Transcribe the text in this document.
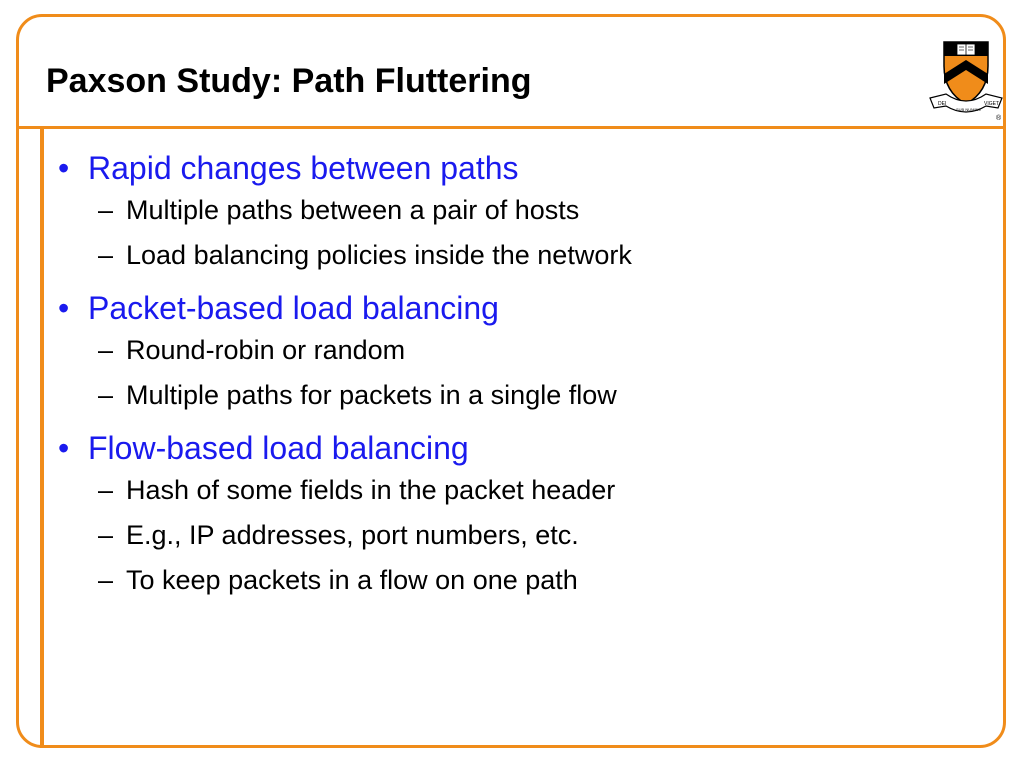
Paxson Study: Path Fluttering
DEI
SUB NUMINE
VIGET
®
• Rapid changes between paths
– Multiple paths between a pair of hosts
– Load balancing policies inside the network
• Packet-based load balancing
– Round-robin or random
– Multiple paths for packets in a single flow
• Flow-based load balancing
– Hash of some fields in the packet header
– E.g., IP addresses, port numbers, etc.
– To keep packets in a flow on one path
